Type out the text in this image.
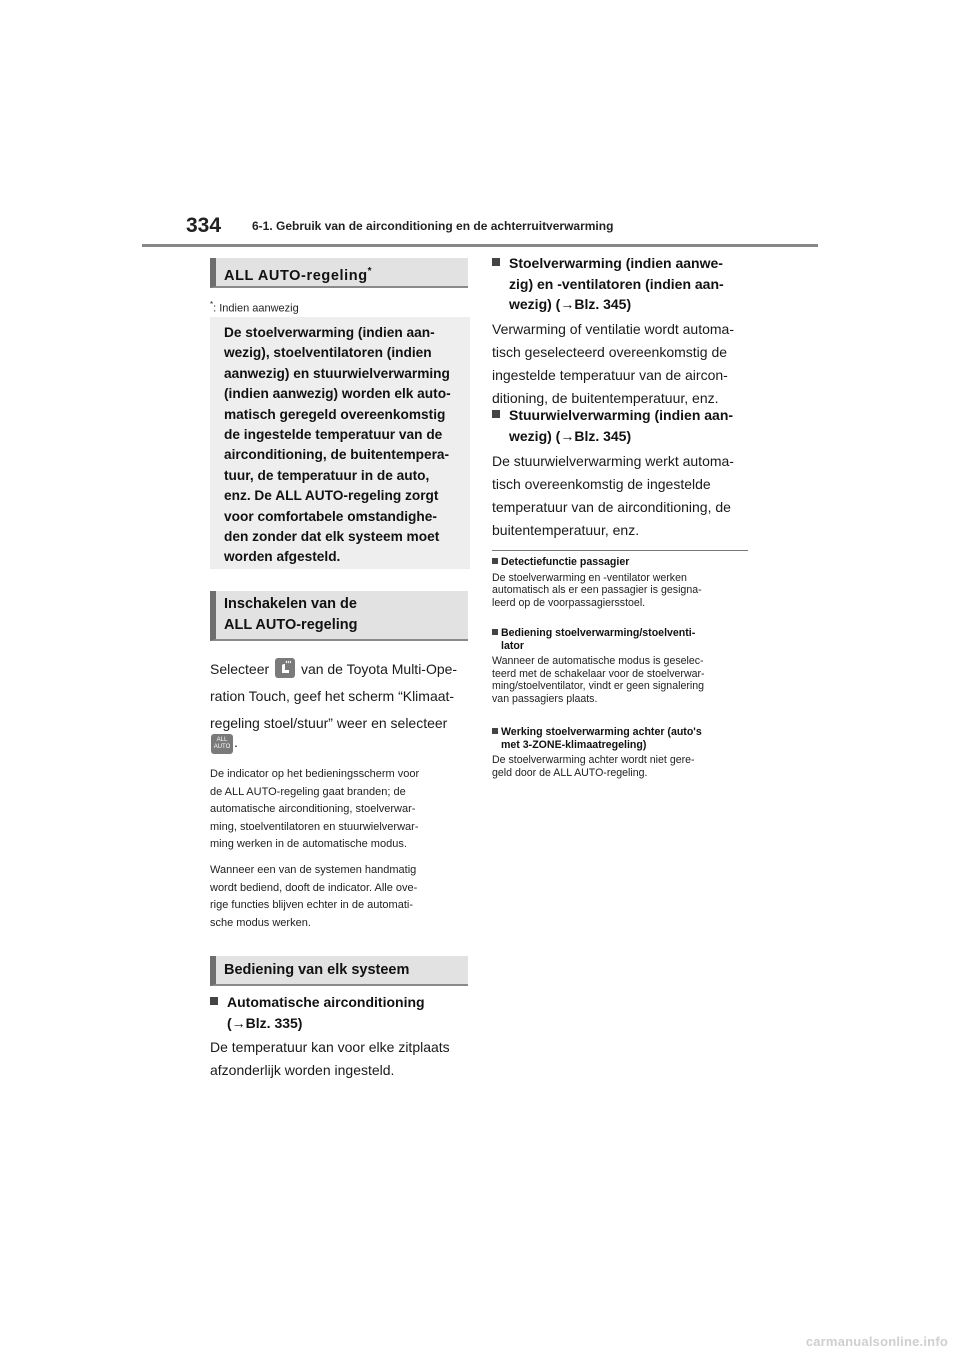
334	6-1. Gebruik van de airconditioning en de achterruitverwarming
ALL AUTO-regeling*
*: Indien aanwezig
De stoelverwarming (indien aan-
wezig), stoelventilatoren (indien
aanwezig) en stuurwielverwarming
(indien aanwezig) worden elk auto-
matisch geregeld overeenkomstig
de ingestelde temperatuur van de
airconditioning, de buitentempera-
tuur, de temperatuur in de auto,
enz. De ALL AUTO-regeling zorgt
voor comfortabele omstandighe-
den zonder dat elk systeem moet
worden afgesteld.
Inschakelen van de
ALL AUTO-regeling
Selecteer van de Toyota Multi-Ope-
ration Touch, geef het scherm “Klimaat-
regeling stoel/stuur” weer en selecteer
ALL
AUTO .
De indicator op het bedieningsscherm voor
de ALL AUTO-regeling gaat branden; de
automatische airconditioning, stoelverwar-
ming, stoelventilatoren en stuurwielverwar-
ming werken in de automatische modus.
Wanneer een van de systemen handmatig
wordt bediend, dooft de indicator. Alle ove-
rige functies blijven echter in de automati-
sche modus werken.
Bediening van elk systeem
Automatische airconditioning
(→Blz. 335)
De temperatuur kan voor elke zitplaats
afzonderlijk worden ingesteld.
Stoelverwarming (indien aanwe-
zig) en -ventilatoren (indien aan-
wezig) (→Blz. 345)
Verwarming of ventilatie wordt automa-
tisch geselecteerd overeenkomstig de
ingestelde temperatuur van de aircon-
ditioning, de buitentemperatuur, enz.
Stuurwielverwarming (indien aan-
wezig) (→Blz. 345)
De stuurwielverwarming werkt automa-
tisch overeenkomstig de ingestelde
temperatuur van de airconditioning, de
buitentemperatuur, enz.
Detectiefunctie passagier
De stoelverwarming en -ventilator werken
automatisch als er een passagier is gesigna-
leerd op de voorpassagiersstoel.
Bediening stoelverwarming/stoelventi-
lator
Wanneer de automatische modus is geselec-
teerd met de schakelaar voor de stoelverwar-
ming/stoelventilator, vindt er geen signalering
van passagiers plaats.
Werking stoelverwarming achter (auto's
met 3-ZONE-klimaatregeling)
De stoelverwarming achter wordt niet gere-
geld door de ALL AUTO-regeling.
carmanualsonline.info
